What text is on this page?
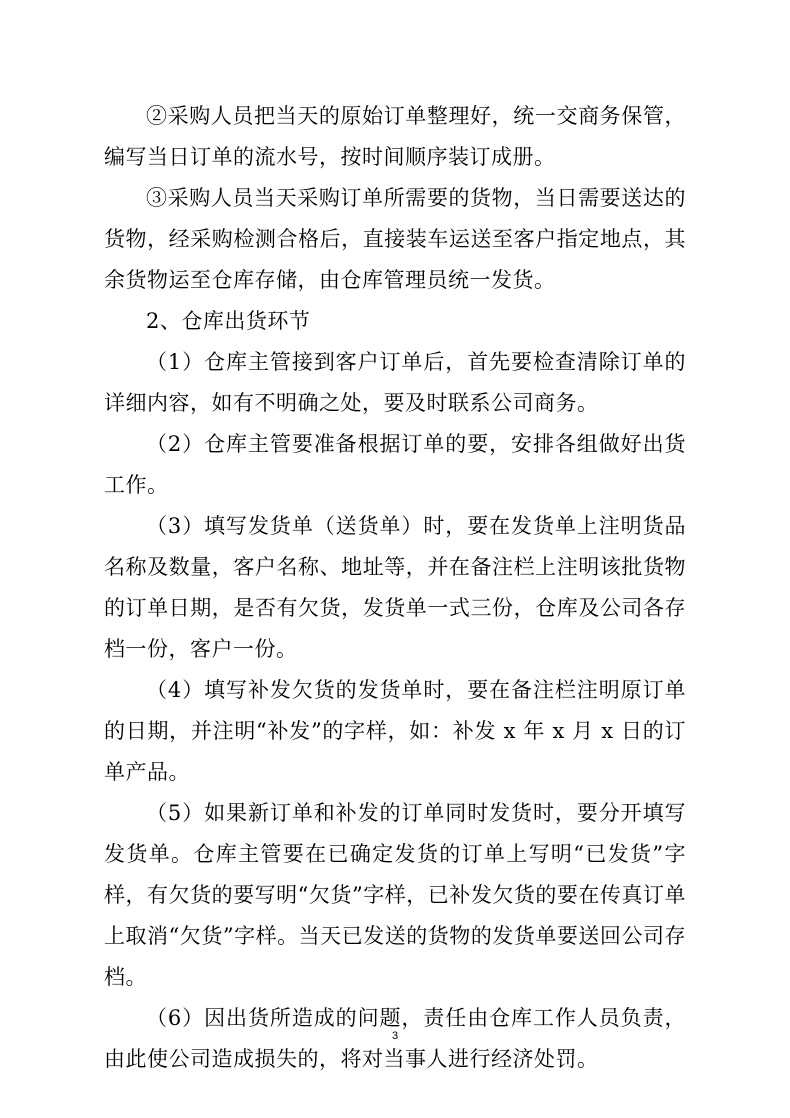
②采购人员把当天的原始订单整理好，统一交商务保管，编写当日订单的流水号，按时间顺序装订成册。

③采购人员当天采购订单所需要的货物，当日需要送达的货物，经采购检测合格后，直接装车运送至客户指定地点，其余货物运至仓库存储，由仓库管理员统一发货。

2、仓库出货环节

（1）仓库主管接到客户订单后，首先要检查清除订单的详细内容，如有不明确之处，要及时联系公司商务。

（2）仓库主管要准备根据订单的要，安排各组做好出货工作。

（3）填写发货单（送货单）时，要在发货单上注明货品名称及数量，客户名称、地址等，并在备注栏上注明该批货物的订单日期，是否有欠货，发货单一式三份，仓库及公司各存档一份，客户一份。

（4）填写补发欠货的发货单时，要在备注栏注明原订单的日期，并注明“补发”的字样，如：补发 x 年 x 月 x 日的订单产品。

（5）如果新订单和补发的订单同时发货时，要分开填写发货单。仓库主管要在已确定发货的订单上写明“已发货”字样，有欠货的要写明“欠货”字样，已补发欠货的要在传真订单上取消“欠货”字样。当天已发送的货物的发货单要送回公司存档。

（6）因出货所造成的问题，责任由仓库工作人员负责，由此使公司造成损失的，将对当事人进行经济处罚。

3
